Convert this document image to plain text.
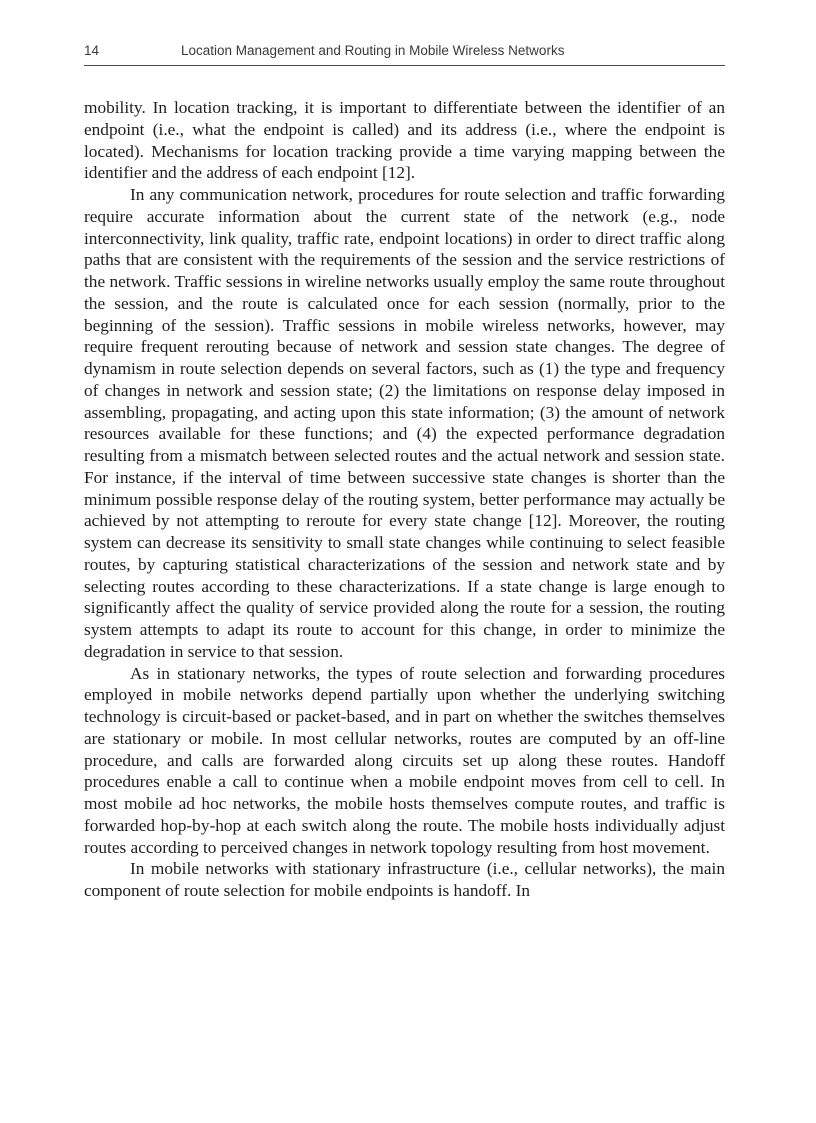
14	Location Management and Routing in Mobile Wireless Networks

mobility. In location tracking, it is important to differentiate between the identifier of an endpoint (i.e., what the endpoint is called) and its address (i.e., where the endpoint is located). Mechanisms for location tracking provide a time varying mapping between the identifier and the address of each endpoint [12].

In any communication network, procedures for route selection and traffic forwarding require accurate information about the current state of the network (e.g., node interconnectivity, link quality, traffic rate, endpoint locations) in order to direct traffic along paths that are consistent with the requirements of the session and the service restrictions of the network. Traffic sessions in wireline networks usually employ the same route throughout the session, and the route is calculated once for each session (normally, prior to the beginning of the session). Traffic sessions in mobile wireless networks, however, may require frequent rerouting because of network and session state changes. The degree of dynamism in route selection depends on several factors, such as (1) the type and frequency of changes in network and session state; (2) the limitations on response delay imposed in assembling, propagating, and acting upon this state information; (3) the amount of network resources available for these functions; and (4) the expected performance degradation resulting from a mismatch between selected routes and the actual network and session state. For instance, if the interval of time between successive state changes is shorter than the minimum possible response delay of the routing system, better performance may actually be achieved by not attempting to reroute for every state change [12]. Moreover, the routing system can decrease its sensitivity to small state changes while continuing to select feasible routes, by capturing statistical characterizations of the session and network state and by selecting routes according to these characterizations. If a state change is large enough to significantly affect the quality of service provided along the route for a session, the routing system attempts to adapt its route to account for this change, in order to minimize the degradation in service to that session.

As in stationary networks, the types of route selection and forwarding procedures employed in mobile networks depend partially upon whether the underlying switching technology is circuit-based or packet-based, and in part on whether the switches themselves are stationary or mobile. In most cellular networks, routes are computed by an off-line procedure, and calls are forwarded along circuits set up along these routes. Handoff procedures enable a call to continue when a mobile endpoint moves from cell to cell. In most mobile ad hoc networks, the mobile hosts themselves compute routes, and traffic is forwarded hop-by-hop at each switch along the route. The mobile hosts individually adjust routes according to perceived changes in network topology resulting from host movement.

In mobile networks with stationary infrastructure (i.e., cellular networks), the main component of route selection for mobile endpoints is handoff. In
